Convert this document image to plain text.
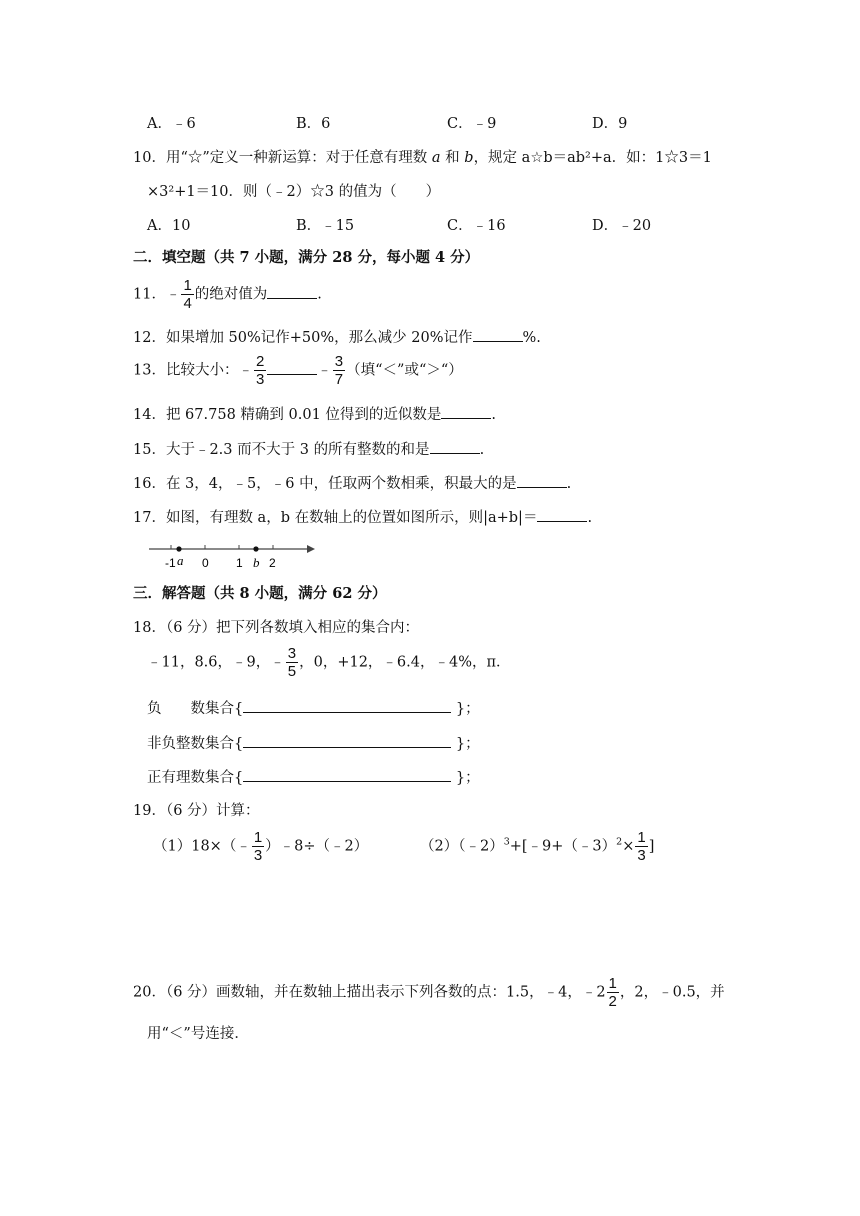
A．﹣6	B．6	C．﹣9	D．9
10．用“☆”定义一种新运算：对于任意有理数 a 和 b，规定 a☆b＝ab²+a．如：1☆3＝1
×3²+1＝10．则（﹣2）☆3 的值为（　　）
A．10	B．﹣15	C．﹣16	D．﹣20
二．填空题（共 7 小题，满分 28 分，每小题 4 分）
11．﹣ $\frac{1}{4}$ 的绝对值为	.
12．如果增加 50%记作+50%，那么减少 20%记作	%.
13．比较大小：﹣ $\frac{2}{3}$	﹣ $\frac{3}{7}$ （填“＜”或“＞“）
14．把 67.758 精确到 0.01 位得到的近似数是	.
15．大于﹣2.3 而不大于 3 的所有整数的和是	.
16．在 3，4，﹣5，﹣6 中，任取两个数相乘，积最大的是	.
17．如图，有理数 a，b 在数轴上的位置如图所示，则|a+b|＝	.
-1 a 0 1 b 2
三．解答题（共 8 小题，满分 62 分）
18．（6 分）把下列各数填入相应的集合内：
﹣11，8.6，﹣9，﹣ $\frac{3}{5}$ ，0，+12，﹣6.4，﹣4%，π．
负　　数集合{	}；
非负整数集合{	}；
正有理数集合{	}；
19．（6 分）计算：
（1）18×（﹣ $\frac{1}{3}$ ）﹣8÷（﹣2）	（2）（﹣2）$^3$+[﹣9+（﹣3）$^2$× $\frac{1}{3}$ ]
20．（6 分）画数轴，并在数轴上描出表示下列各数的点：1.5，﹣4，﹣2 $\frac{1}{2}$ ，2，﹣0.5，并
用“＜”号连接．
